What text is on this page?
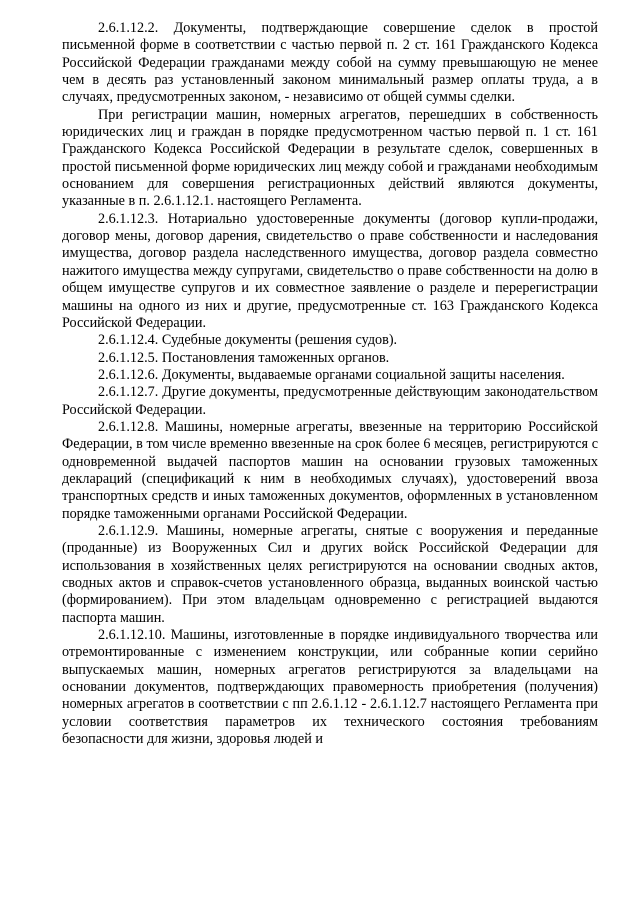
2.6.1.12.2. Документы, подтверждающие совершение сделок в простой письменной форме в соответствии с частью первой п. 2 ст. 161 Гражданского Кодекса Российской Федерации гражданами между собой на сумму превышающую не менее чем в десять раз установленный законом минимальный размер оплаты труда, а в случаях, предусмотренных законом, - независимо от общей суммы сделки.

При регистрации машин, номерных агрегатов, перешедших в собственность юридических лиц и граждан в порядке предусмотренном частью первой п. 1 ст. 161 Гражданского Кодекса Российской Федерации в результате сделок, совершенных в простой письменной форме юридических лиц между собой и гражданами необходимым основанием для совершения регистрационных действий являются документы, указанные в п. 2.6.1.12.1. настоящего Регламента.

2.6.1.12.3. Нотариально удостоверенные документы (договор купли-продажи, договор мены, договор дарения, свидетельство о праве собственности и наследования имущества, договор раздела наследственного имущества, договор раздела совместно нажитого имущества между супругами, свидетельство о праве собственности на долю в общем имуществе супругов и их совместное заявление о разделе и перерегистрации машины на одного из них и другие, предусмотренные ст. 163 Гражданского Кодекса Российской Федерации.

2.6.1.12.4. Судебные документы (решения судов).

2.6.1.12.5. Постановления таможенных органов.

2.6.1.12.6. Документы, выдаваемые органами социальной защиты населения.

2.6.1.12.7. Другие документы, предусмотренные действующим законодательством Российской Федерации.

2.6.1.12.8. Машины, номерные агрегаты, ввезенные на территорию Российской Федерации, в том числе временно ввезенные на срок более 6 месяцев, регистрируются с одновременной выдачей паспортов машин на основании грузовых таможенных деклараций (спецификаций к ним в необходимых случаях), удостоверений ввоза транспортных средств и иных таможенных документов, оформленных в установленном порядке таможенными органами Российской Федерации.

2.6.1.12.9. Машины, номерные агрегаты, снятые с вооружения и переданные (проданные) из Вооруженных Сил и других войск Российской Федерации для использования в хозяйственных целях регистрируются на основании сводных актов, сводных актов и справок-счетов установленного образца, выданных воинской частью (формированием). При этом владельцам одновременно с регистрацией выдаются паспорта машин.

2.6.1.12.10. Машины, изготовленные в порядке индивидуального творчества или отремонтированные с изменением конструкции, или собранные копии серийно выпускаемых машин, номерных агрегатов регистрируются за владельцами на основании документов, подтверждающих правомерность приобретения (получения) номерных агрегатов в соответствии с пп 2.6.1.12 - 2.6.1.12.7 настоящего Регламента при условии соответствия параметров их технического состояния требованиям безопасности для жизни, здоровья людей и
